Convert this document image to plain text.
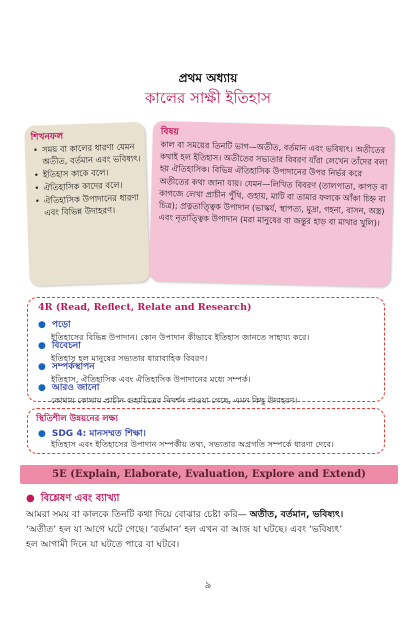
প্রথম অধ্যায়
কালের সাক্ষী ইতিহাস
শিখনফল
• সময় বা কালের ধারণা যেমন অতীত, বর্তমান এবং ভবিষ্যৎ।
• ইতিহাস কাকে বলে।
• ঐতিহাসিক কাদের বলে।
• ঐতিহাসিক উপাদানের ধারণা এবং বিভিন্ন উদাহরণ।
বিষয়
কাল বা সময়ের তিনটি ভাগ—অতীত, বর্তমান এবং ভবিষ্যৎ। অতীতের কথাই হল ইতিহাস। অতীতের সভ্যতার বিবরণ যাঁরা লেখেন তাঁদের বলা হয় ঐতিহাসিক। বিভিন্ন ঐতিহাসিক উপাদানের উপর নির্ভর করে অতীতের কথা জানা যায়। যেমন—লিখিত বিবরণ (তালপাতা, কাপড় বা কাগজে লেখা প্রাচীন পুঁথি, গুহায়, মাটি বা তামার ফলকে আঁকা চিহ্ন বা চিত্র); প্রত্নতাত্ত্বিক উপাদান (ভাস্কর্য, স্থাপত্য, মুদ্রা, গহনা, বাসন, অস্ত্র) এবং নৃতাত্ত্বিক উপাদান (মরা মানুষের বা জন্তুর হাড় বা মাথার খুলি)।
4R (Read, Reflect, Relate and Research)
● পড়ো
ইতিহাসের বিভিন্ন উপাদান। কোন উপাদান কীভাবে ইতিহাস জানতে সাহায্য করে।
● বিবেচনা
ইতিহাস হল মানুষের সভ্যতার ধারাবাহিক বিবরণ।
● সম্পর্কস্থাপন
ইতিহাস, ঐতিহাসিক এবং ঐতিহাসিক উপাদানের মধ্যে সম্পর্ক।
● আরও জানো
কোথায় কোথায় প্রাচীন গুহাচিত্রের নিদর্শন পাওয়া গেছে, এমন কিছু উদাহরণ।
স্থিতিশীল উন্নয়নের লক্ষ্য
● SDG 4: মানসম্মত শিক্ষা।
ইতিহাস এবং ইতিহাসের উপাদান সম্পর্কীয় তথ্য, সভ্যতার অগ্রগতি সম্পর্কে ধারণা দেবে।
5E (Explain, Elaborate, Evaluation, Explore and Extend)
● বিশ্লেষণ এবং ব্যাখ্যা
আমরা সময় বা কালকে তিনটি কথা দিয়ে বোঝার চেষ্টা করি— অতীত, বর্তমান, ভবিষ্যৎ।
‘অতীত’ হল যা আগে ঘটে গেছে। ‘বর্তমান’ হল এখন বা আজ যা ঘটছে। এবং ‘ভবিষ্যৎ’
হল আগামী দিনে যা ঘটতে পারে বা ঘটবে।
৯
